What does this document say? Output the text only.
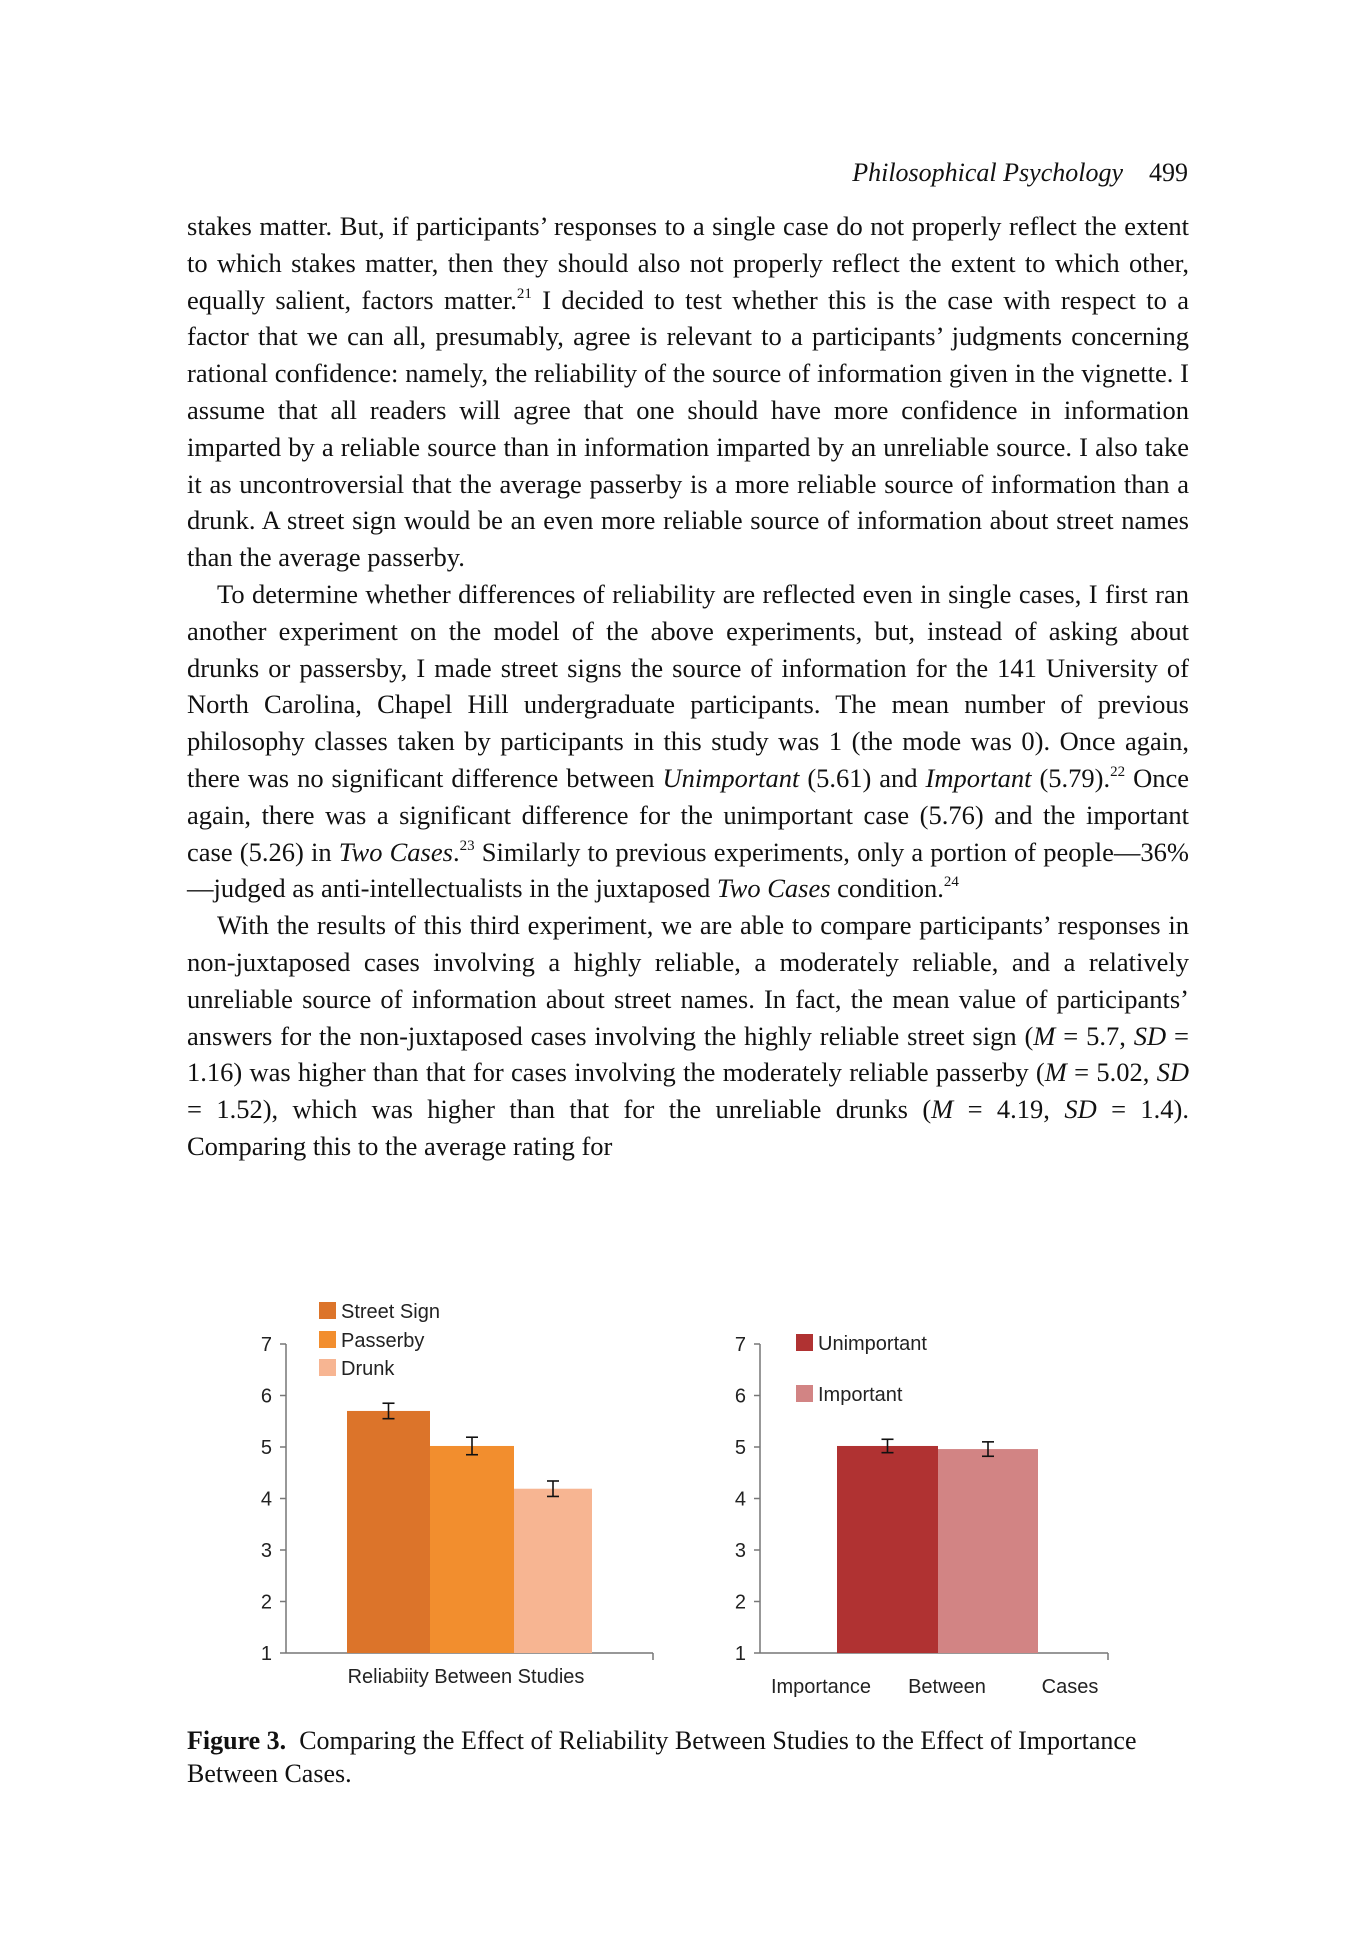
Philosophical Psychology 499

stakes matter. But, if participants’ responses to a single case do not properly reflect the extent to which stakes matter, then they should also not properly reflect the extent to which other, equally salient, factors matter.$^{21}$ I decided to test whether this is the case with respect to a factor that we can all, presumably, agree is relevant to a participants’ judgments concerning rational confidence: namely, the reliability of the source of information given in the vignette. I assume that all readers will agree that one should have more confidence in information imparted by a reliable source than in information imparted by an unreliable source. I also take it as uncontroversial that the average passerby is a more reliable source of information than a drunk. A street sign would be an even more reliable source of information about street names than the average passerby.

To determine whether differences of reliability are reflected even in single cases, I first ran another experiment on the model of the above experiments, but, instead of asking about drunks or passersby, I made street signs the source of information for the 141 University of North Carolina, Chapel Hill undergraduate participants. The mean number of previous philosophy classes taken by participants in this study was 1 (the mode was 0). Once again, there was no significant difference between Unimportant (5.61) and Important (5.79).$^{22}$ Once again, there was a significant difference for the unimportant case (5.76) and the important case (5.26) in Two Cases.$^{23}$ Similarly to previous experiments, only a portion of people—36%—judged as anti-intellectualists in the juxtaposed Two Cases condition.$^{24}$

With the results of this third experiment, we are able to compare participants’ responses in non-juxtaposed cases involving a highly reliable, a moderately reliable, and a relatively unreliable source of information about street names. In fact, the mean value of participants’ answers for the non-juxtaposed cases involving the highly reliable street sign (M = 5.7, SD = 1.16) was higher than that for cases involving the moderately reliable passerby (M = 5.02, SD = 1.52), which was higher than that for the unreliable drunks (M = 4.19, SD = 1.4). Comparing this to the average rating for

1
2
3
4
5
6
7
Street Sign
Passerby
Drunk
Reliabiity Between Studies
1
2
3
4
5
6
7	Unimportant
Important
Importance Between	Cases
Figure 3. Comparing the Effect of Reliability Between Studies to the Effect of Importance Between Cases.
